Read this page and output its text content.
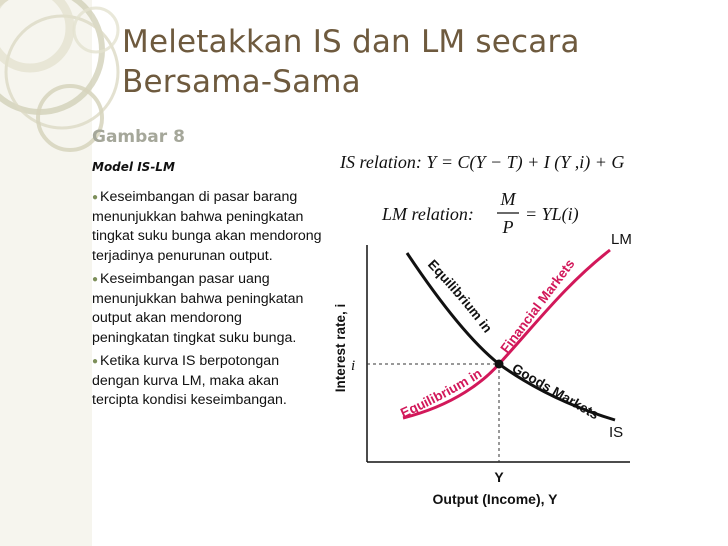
Meletakkan IS dan LM secara
Bersama-Sama
Gambar 8
Model IS-LM
● Keseimbangan di pasar barang menunjukkan bahwa peningkatan tingkat suku bunga akan mendorong terjadinya penurunan output.
● Keseimbangan pasar uang menunjukkan bahwa peningkatan output akan mendorong peningkatan tingkat suku bunga.
● Ketika kurva IS berpotongan dengan kurva LM, maka akan tercipta kondisi keseimbangan.
IS relation: Y = C(Y − T) + I (Y ,i) + G
LM relation:
M
P
= YL(i)
LM
IS
Equilibrium in Financial Markets
Equilibrium in Goods Markets
i
Y
Interest rate, i
Output (Income), Y
